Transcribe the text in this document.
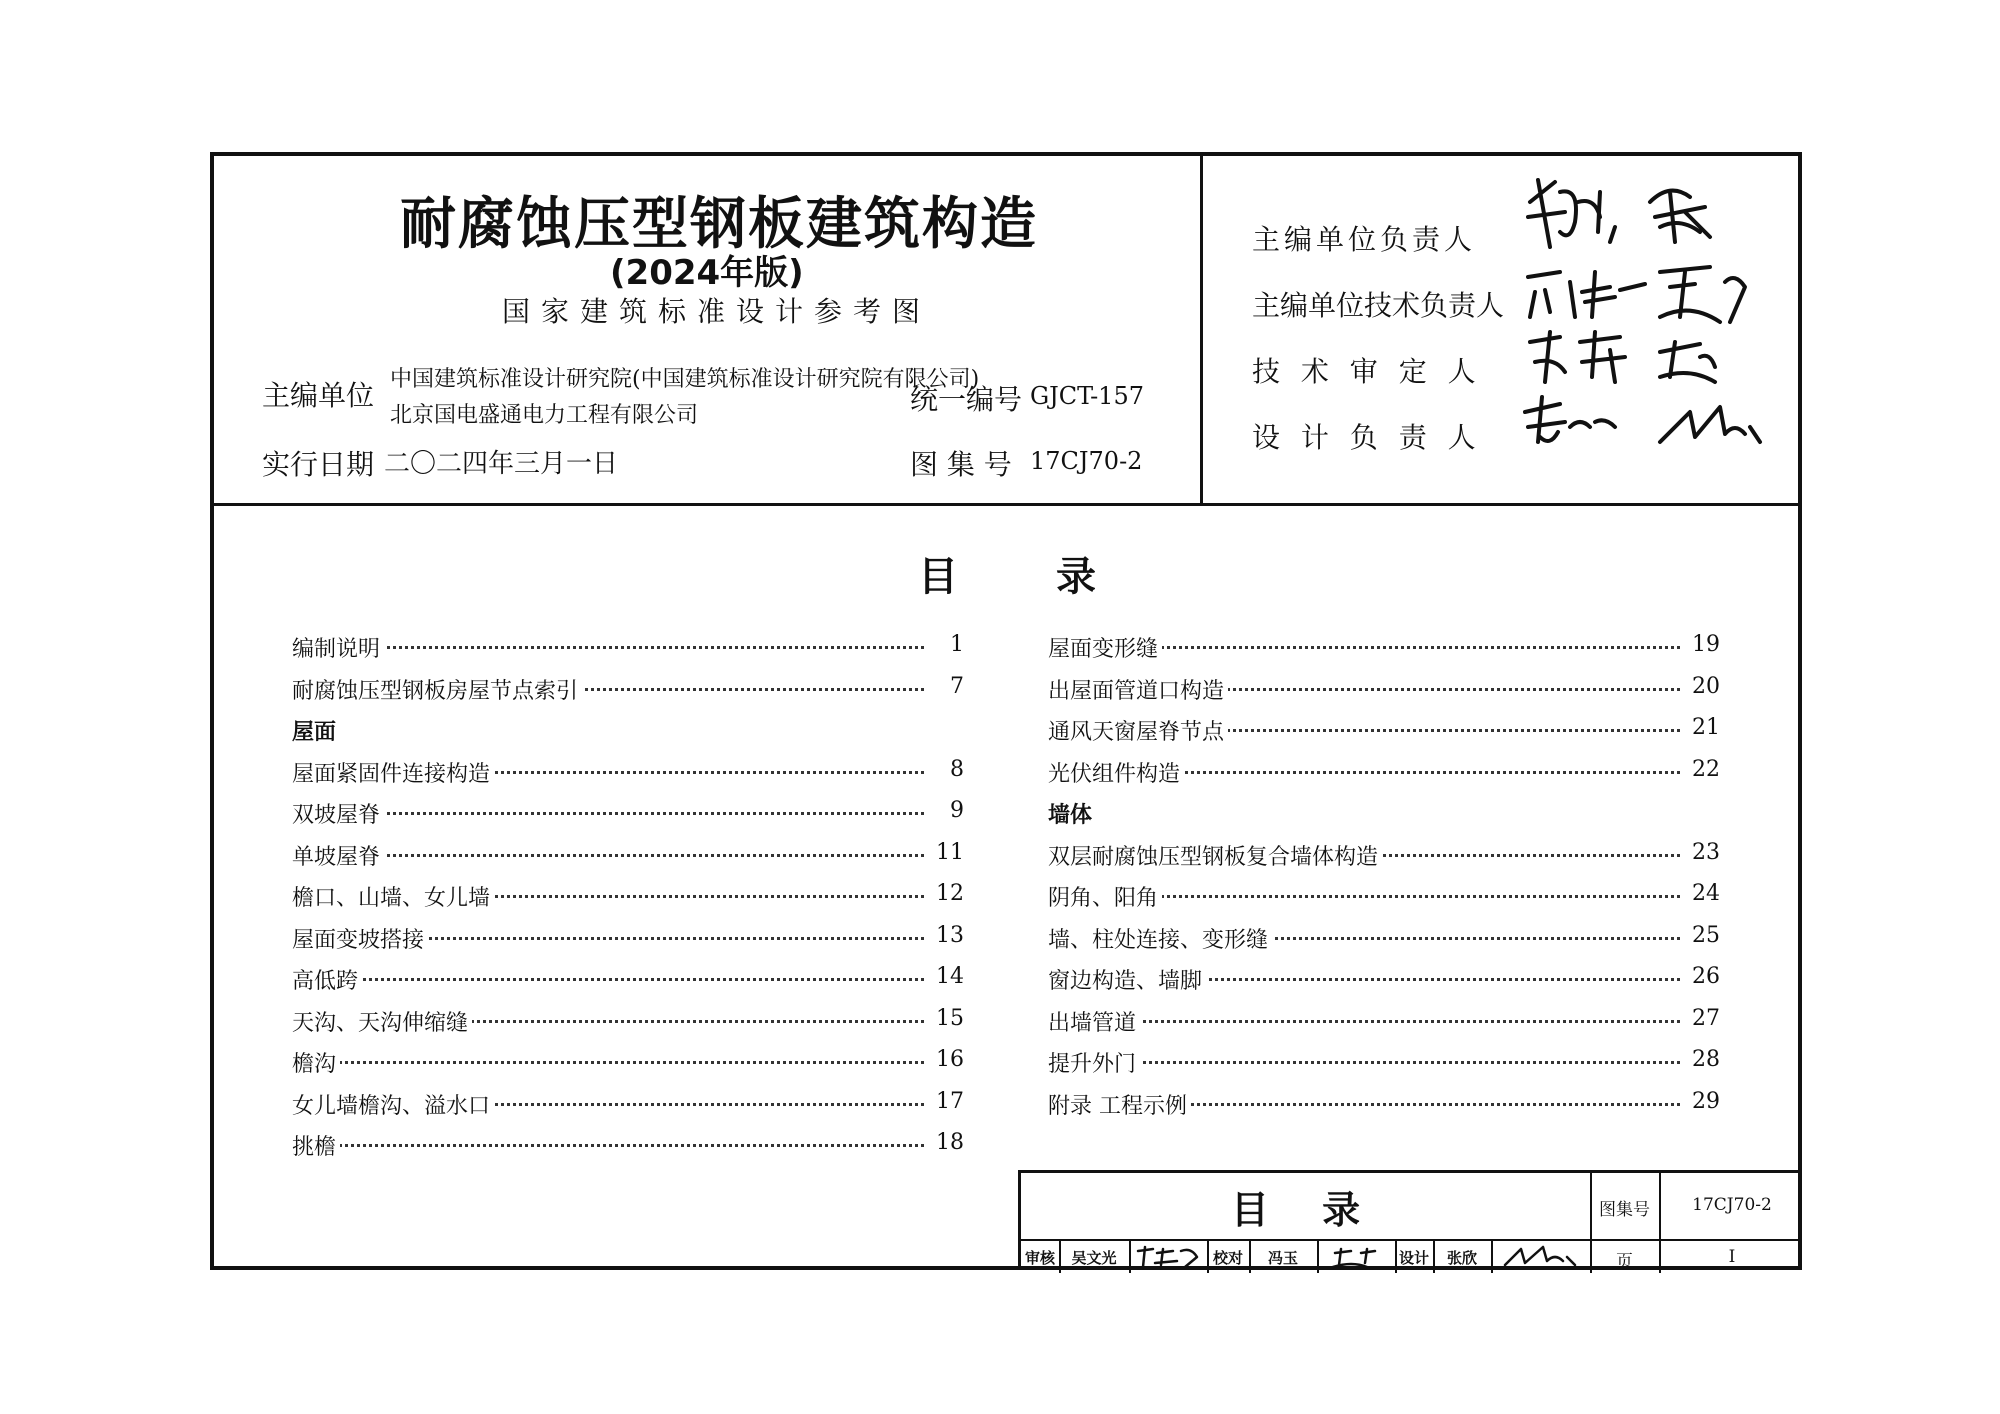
耐腐蚀压型钢板建筑构造
(2024年版)
国家建筑标准设计参考图
主编单位 中国建筑标准设计研究院(中国建筑标准设计研究院有限公司)
北京国电盛通电力工程有限公司	统一编号 GJCT-157
实行日期 二〇二四年三月一日	图 集 号 17CJ70-2
主编单位负责人
主编单位技术负责人
技 术 审 定 人
设 计 负 责 人
目录
编制说明	1
耐腐蚀压型钢板房屋节点索引	7
屋面
屋面紧固件连接构造	8
双坡屋脊	9
单坡屋脊	11
檐口、山墙、女儿墙	12
屋面变坡搭接	13
高低跨	14
天沟、天沟伸缩缝	15
檐沟	16
女儿墙檐沟、溢水口	17
挑檐	18
屋面变形缝	19
出屋面管道口构造	20
通风天窗屋脊节点	21
光伏组件构造	22
墙体
双层耐腐蚀压型钢板复合墙体构造	23
阴角、阳角	24
墙、柱处连接、变形缝	25
窗边构造、墙脚	26
出墙管道	27
提升外门	28
附录 工程示例	29
目 录	图集号	17CJ70-2
审核	吴文光	校对	冯玉	设计	张欣	页	I
